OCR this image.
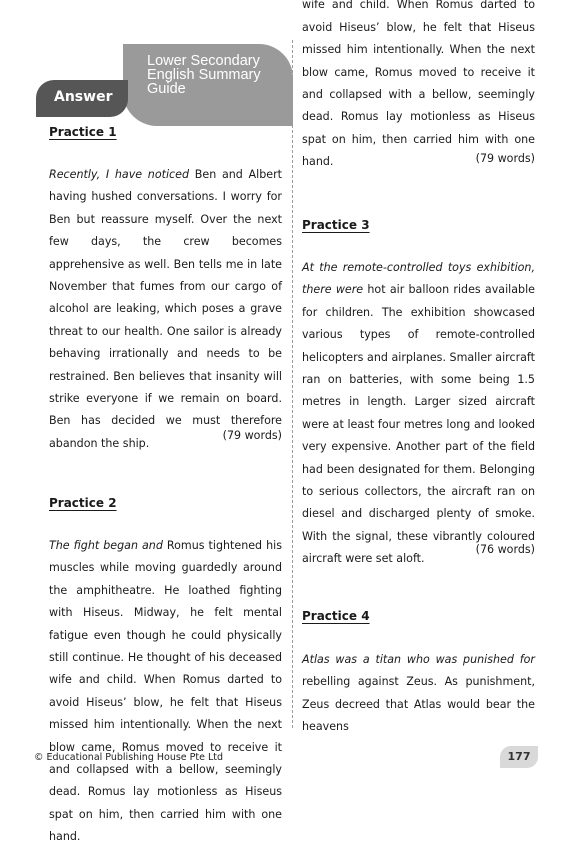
Lower Secondary English Summary Guide
Answer
Practice 1
Recently, I have noticed Ben and Albert having hushed conversations. I worry for Ben but reassure myself. Over the next few days, the crew becomes apprehensive as well. Ben tells me in late November that fumes from our cargo of alcohol are leaking, which poses a grave threat to our health. One sailor is already behaving irrationally and needs to be restrained. Ben believes that insanity will strike everyone if we remain on board. Ben has decided we must therefore abandon the ship.
(79 words)
Practice 2
The fight began and Romus tightened his muscles while moving guardedly around the amphitheatre. He loathed fighting with Hiseus. Midway, he felt mental fatigue even though he could physically still continue. He thought of his deceased wife and child. When Romus darted to avoid Hiseus’ blow, he felt that Hiseus missed him intentionally. When the next blow came, Romus moved to receive it and collapsed with a bellow, seemingly dead. Romus lay motionless as Hiseus spat on him, then carried him with one hand.
wife and child. When Romus darted to avoid Hiseus’ blow, he felt that Hiseus missed him intentionally. When the next blow came, Romus moved to receive it and collapsed with a bellow, seemingly dead. Romus lay motionless as Hiseus spat on him, then carried him with one hand.	(79 words)
Practice 3
At the remote-controlled toys exhibition, there were hot air balloon rides available for children. The exhibition showcased various types of remote-controlled helicopters and airplanes. Smaller aircraft ran on batteries, with some being 1.5 metres in length. Larger sized aircraft were at least four metres long and looked very expensive. Another part of the field had been designated for them. Belonging to serious collectors, the aircraft ran on diesel and discharged plenty of smoke. With the signal, these vibrantly coloured aircraft were set aloft.
(76 words)
Practice 4
Atlas was a titan who was punished for rebelling against Zeus. As punishment, Zeus decreed that Atlas would bear the heavens
© Educational Publishing House Pte Ltd	177
